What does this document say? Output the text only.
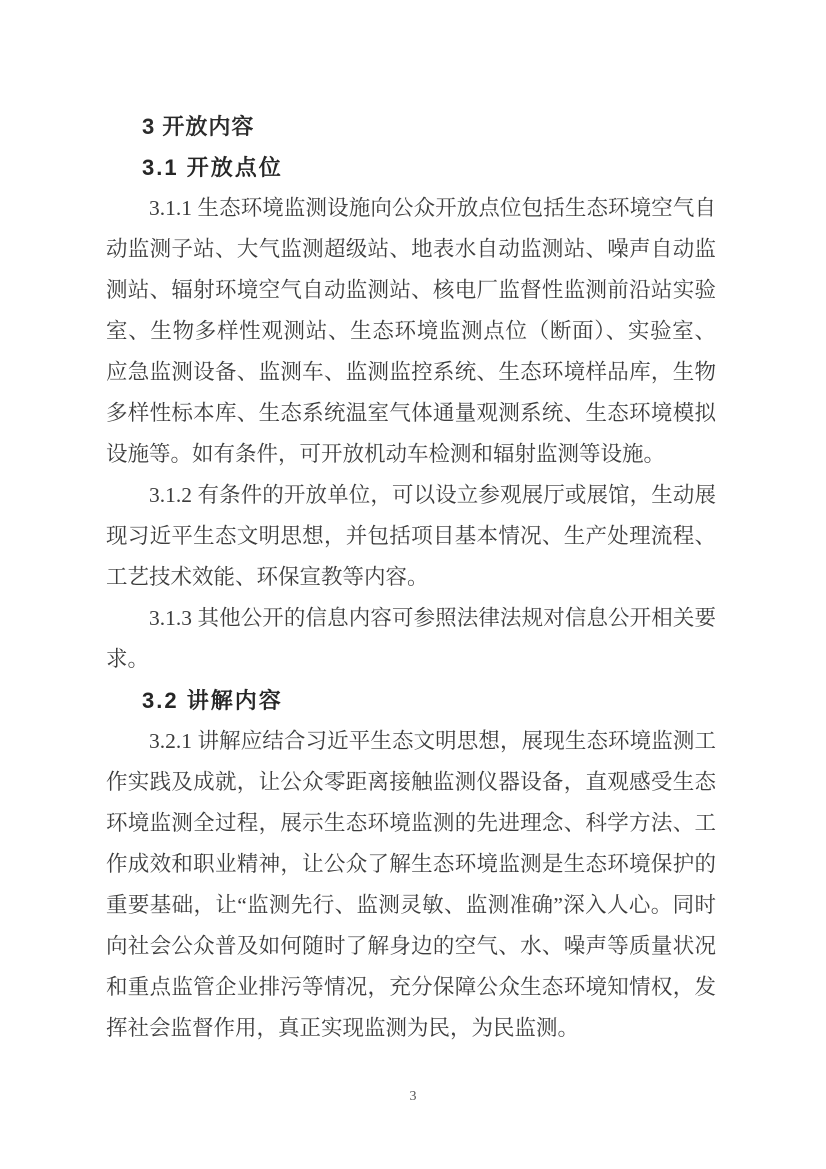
3 开放内容
3.1 开放点位

3.1.1 生态环境监测设施向公众开放点位包括生态环境空气自动监测子站、大气监测超级站、地表水自动监测站、噪声自动监测站、辐射环境空气自动监测站、核电厂监督性监测前沿站实验室、生物多样性观测站、生态环境监测点位（断面）、实验室、应急监测设备、监测车、监测监控系统、生态环境样品库，生物多样性标本库、生态系统温室气体通量观测系统、生态环境模拟设施等。如有条件，可开放机动车检测和辐射监测等设施。

3.1.2 有条件的开放单位，可以设立参观展厅或展馆，生动展现习近平生态文明思想，并包括项目基本情况、生产处理流程、工艺技术效能、环保宣教等内容。

3.1.3 其他公开的信息内容可参照法律法规对信息公开相关要求。

3.2 讲解内容

3.2.1 讲解应结合习近平生态文明思想，展现生态环境监测工作实践及成就，让公众零距离接触监测仪器设备，直观感受生态环境监测全过程，展示生态环境监测的先进理念、科学方法、工作成效和职业精神，让公众了解生态环境监测是生态环境保护的重要基础，让“监测先行、监测灵敏、监测准确”深入人心。同时向社会公众普及如何随时了解身边的空气、水、噪声等质量状况和重点监管企业排污等情况，充分保障公众生态环境知情权，发挥社会监督作用，真正实现监测为民，为民监测。

3
